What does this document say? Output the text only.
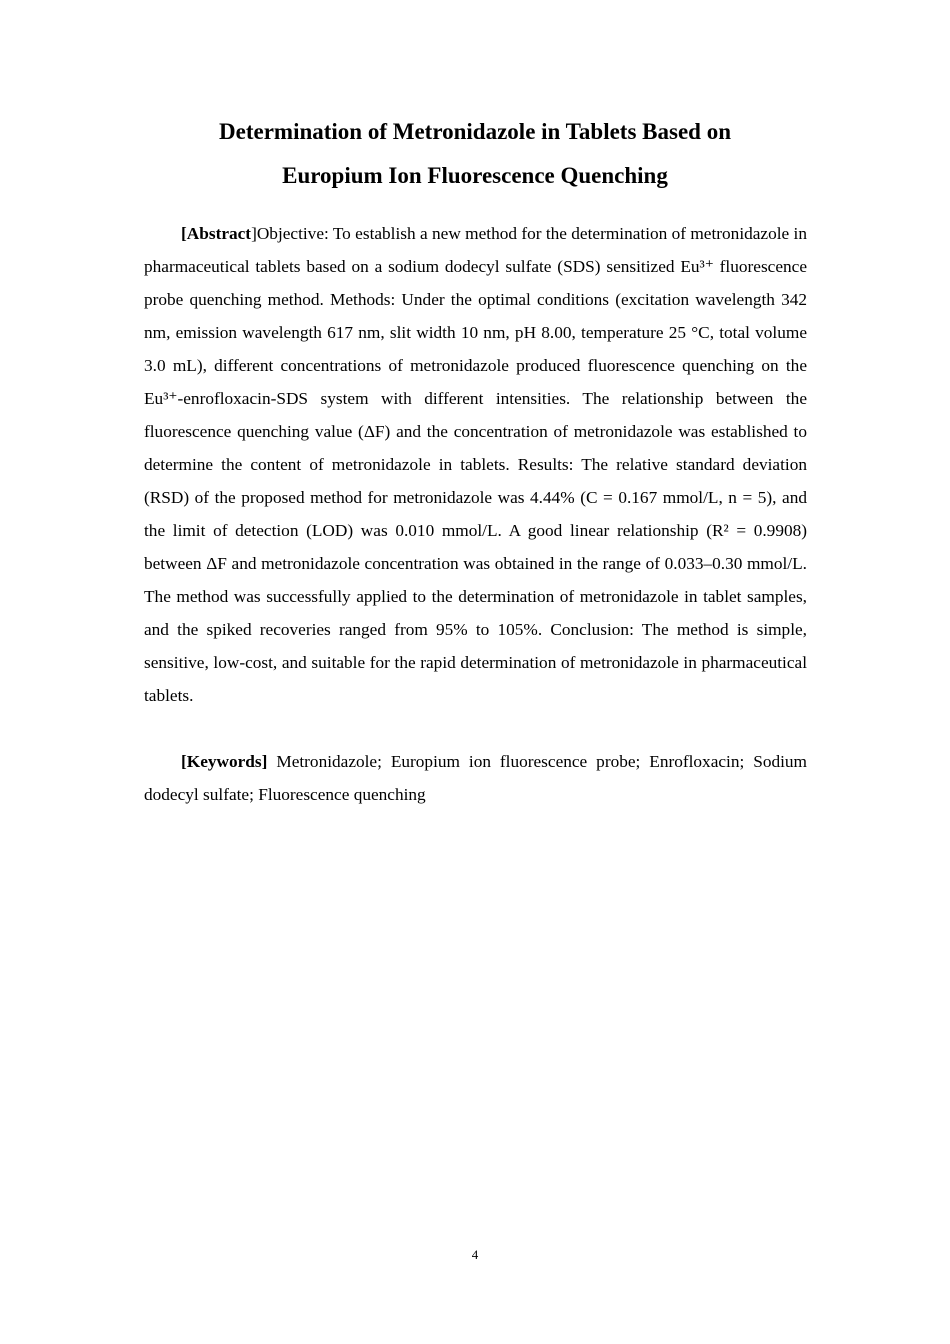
Determination of Metronidazole in Tablets Based on
Europium Ion Fluorescence Quenching

[Abstract]Objective: To establish a new method for the determination of metronidazole in pharmaceutical tablets based on a sodium dodecyl sulfate (SDS) sensitized Eu³⁺ fluorescence probe quenching method. Methods: Under the optimal conditions (excitation wavelength 342 nm, emission wavelength 617 nm, slit width 10 nm, pH 8.00, temperature 25 °C, total volume 3.0 mL), different concentrations of metronidazole produced fluorescence quenching on the Eu³⁺-enrofloxacin-SDS system with different intensities. The relationship between the fluorescence quenching value (ΔF) and the concentration of metronidazole was established to determine the content of metronidazole in tablets. Results: The relative standard deviation (RSD) of the proposed method for metronidazole was 4.44% (C = 0.167 mmol/L, n = 5), and the limit of detection (LOD) was 0.010 mmol/L. A good linear relationship (R² = 0.9908) between ΔF and metronidazole concentration was obtained in the range of 0.033–0.30 mmol/L. The method was successfully applied to the determination of metronidazole in tablet samples, and the spiked recoveries ranged from 95% to 105%. Conclusion: The method is simple, sensitive, low-cost, and suitable for the rapid determination of metronidazole in pharmaceutical tablets.

[Keywords] Metronidazole; Europium ion fluorescence probe; Enrofloxacin; Sodium dodecyl sulfate; Fluorescence quenching

4
